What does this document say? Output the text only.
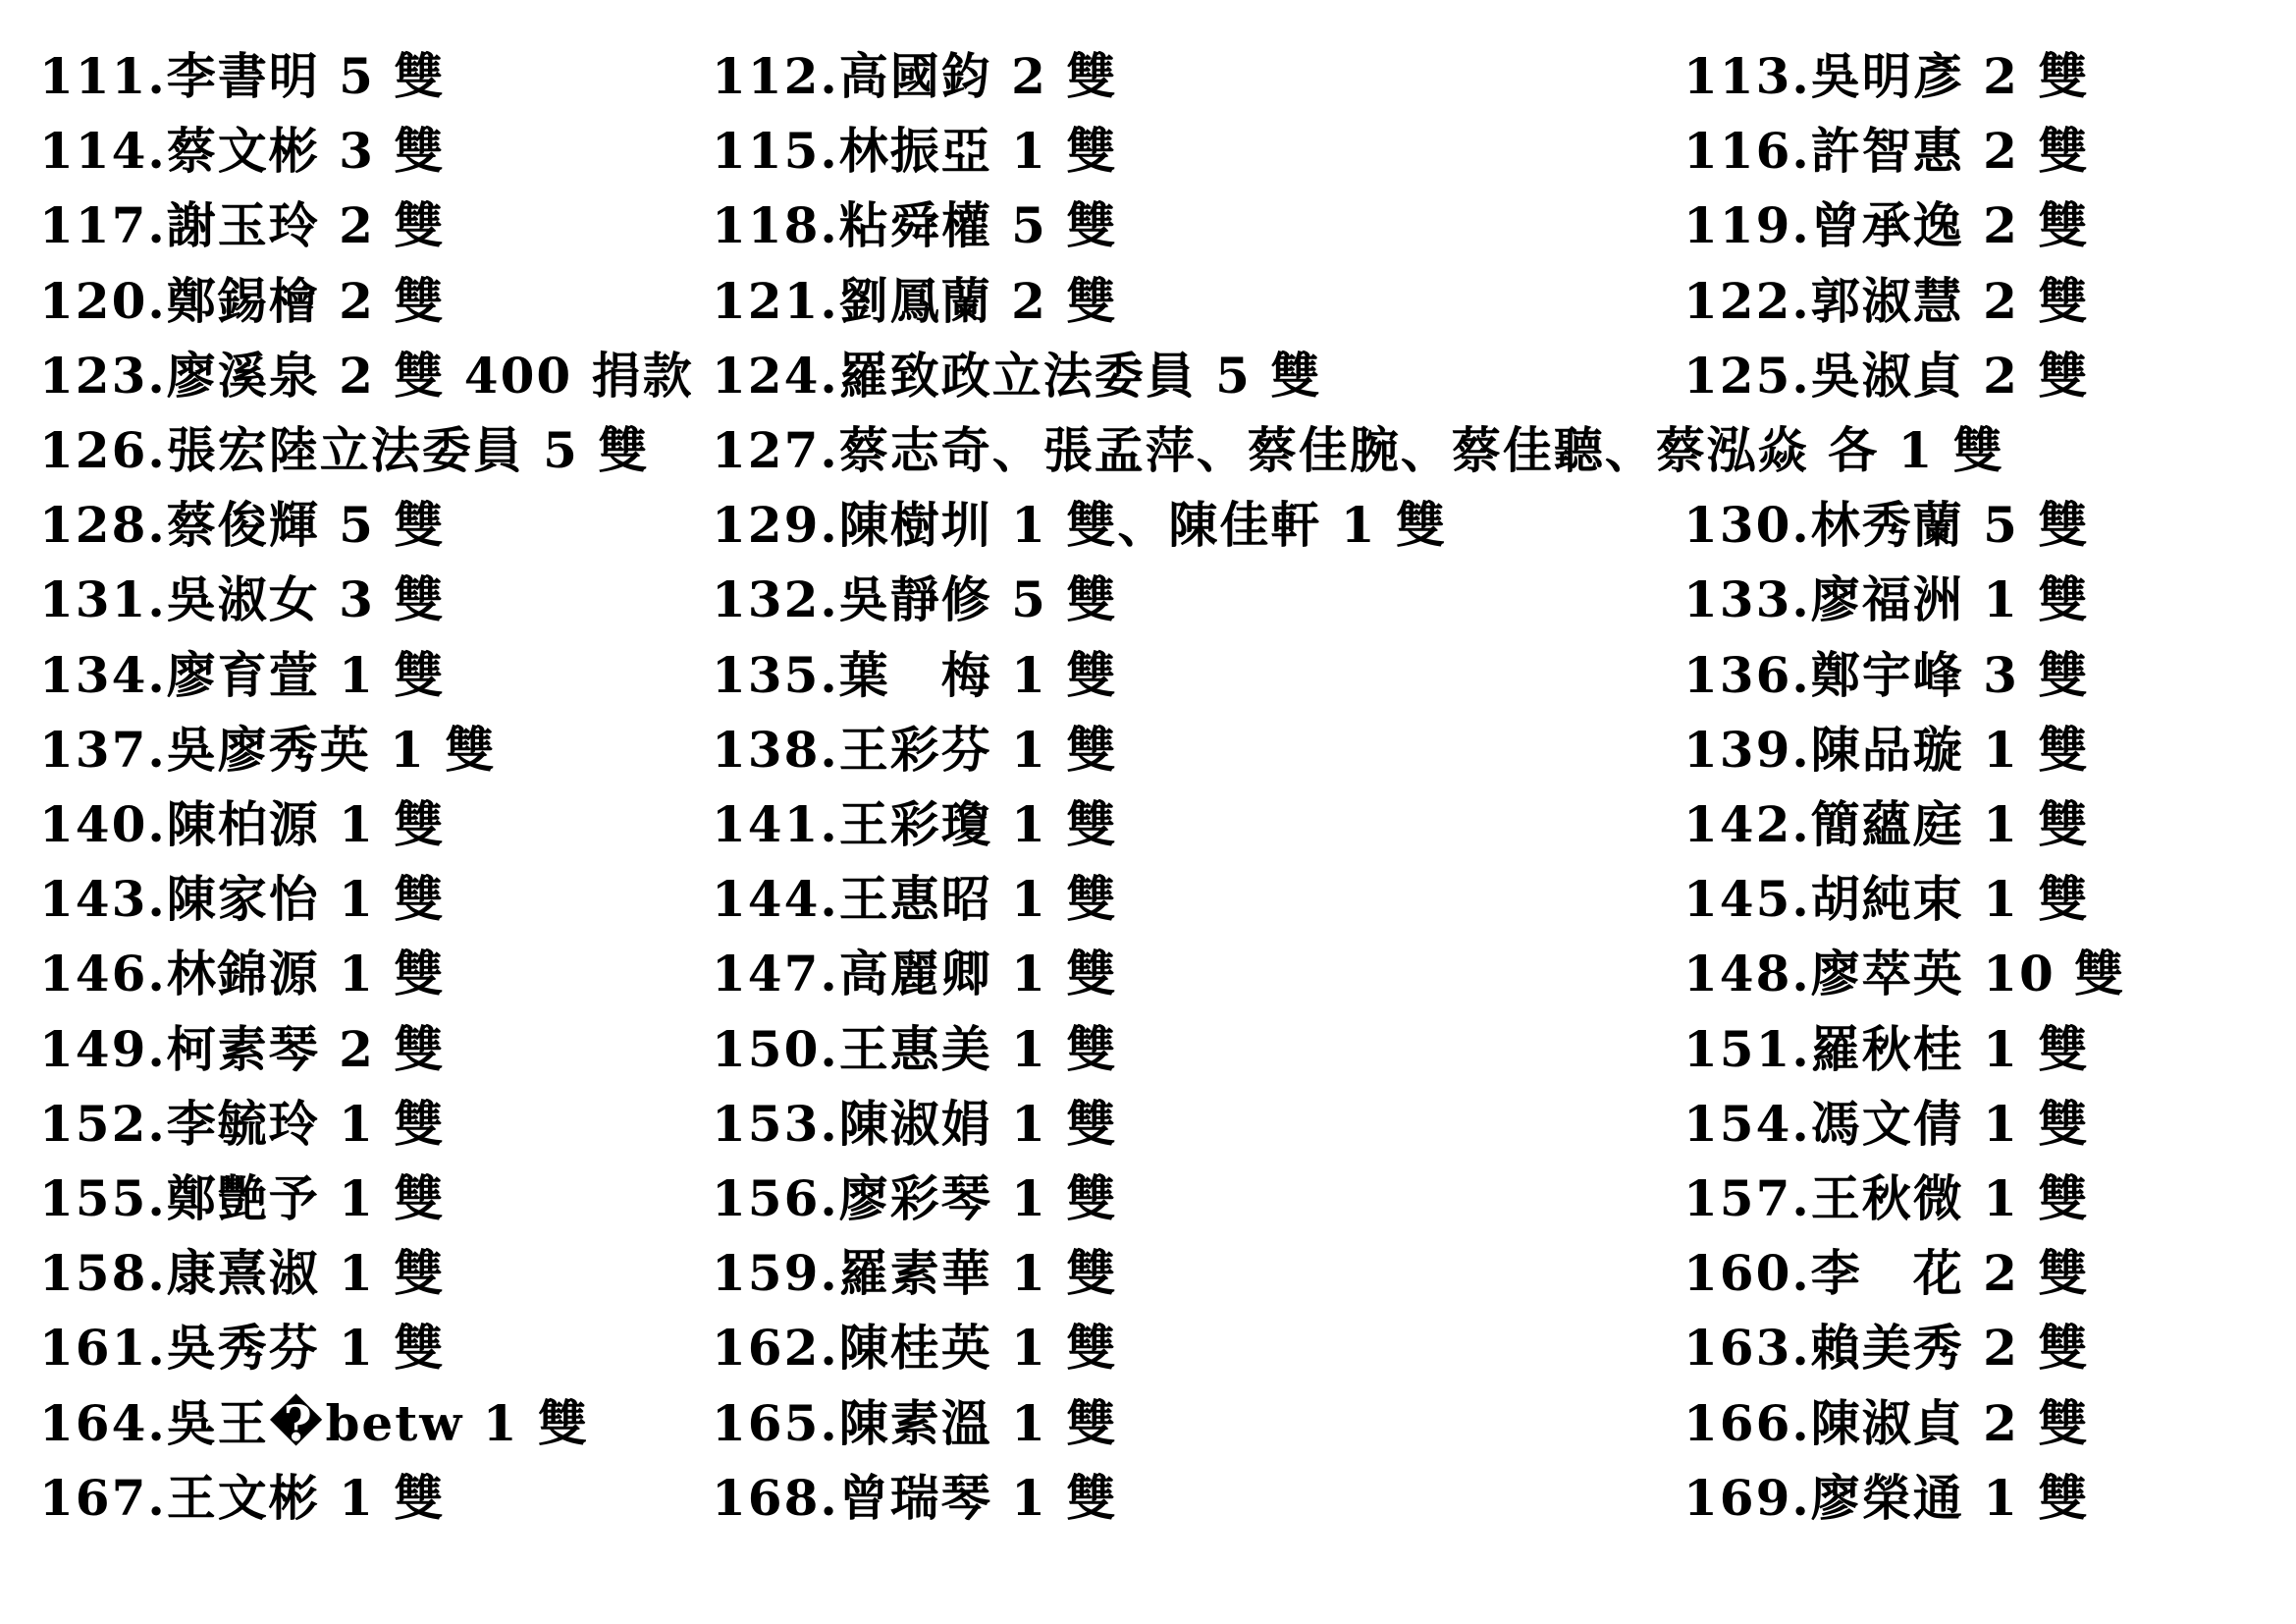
111.李書明 5 雙	112.高國鈞 2 雙	113.吳明彥 2 雙
114.蔡文彬 3 雙	115.林振亞 1 雙	116.許智惠 2 雙
117.謝玉玲 2 雙	118.粘舜權 5 雙	119.曾承逸 2 雙
120.鄭錫檜 2 雙	121.劉鳳蘭 2 雙	122.郭淑慧 2 雙
123.廖溪泉 2 雙 400 捐款 124.羅致政立法委員 5 雙	125.吳淑貞 2 雙
126.張宏陸立法委員 5 雙 127.蔡志奇、張孟萍、蔡佳腕、蔡佳聽、蔡泓焱 各 1 雙
128.蔡俊輝 5 雙	129.陳樹圳 1 雙、陳佳軒 1 雙	130.林秀蘭 5 雙
131.吳淑女 3 雙	132.吳靜修 5 雙	133.廖福洲 1 雙
134.廖育萱 1 雙	135.葉　梅 1 雙	136.鄭宇峰 3 雙
137.吳廖秀英 1 雙	138.王彩芬 1 雙	139.陳品璇 1 雙
140.陳柏源 1 雙	141.王彩瓊 1 雙	142.簡蘊庭 1 雙
143.陳家怡 1 雙	144.王惠昭 1 雙	145.胡純束 1 雙
146.林錦源 1 雙	147.高麗卿 1 雙	148.廖萃英 10 雙
149.柯素琴 2 雙	150.王惠美 1 雙	151.羅秋桂 1 雙
152.李毓玲 1 雙	153.陳淑娟 1 雙	154.馮文倩 1 雙
155.鄭艷予 1 雙	156.廖彩琴 1 雙	157.王秋微 1 雙
158.康熹淑 1 雙	159.羅素華 1 雙	160.李　花 2 雙
161.吳秀芬 1 雙	162.陳桂英 1 雙	163.賴美秀 2 雙
164.吳王�betw 1 雙	165.陳素溫 1 雙	166.陳淑貞 2 雙
167.王文彬 1 雙	168.曾瑞琴 1 雙	169.廖榮通 1 雙
